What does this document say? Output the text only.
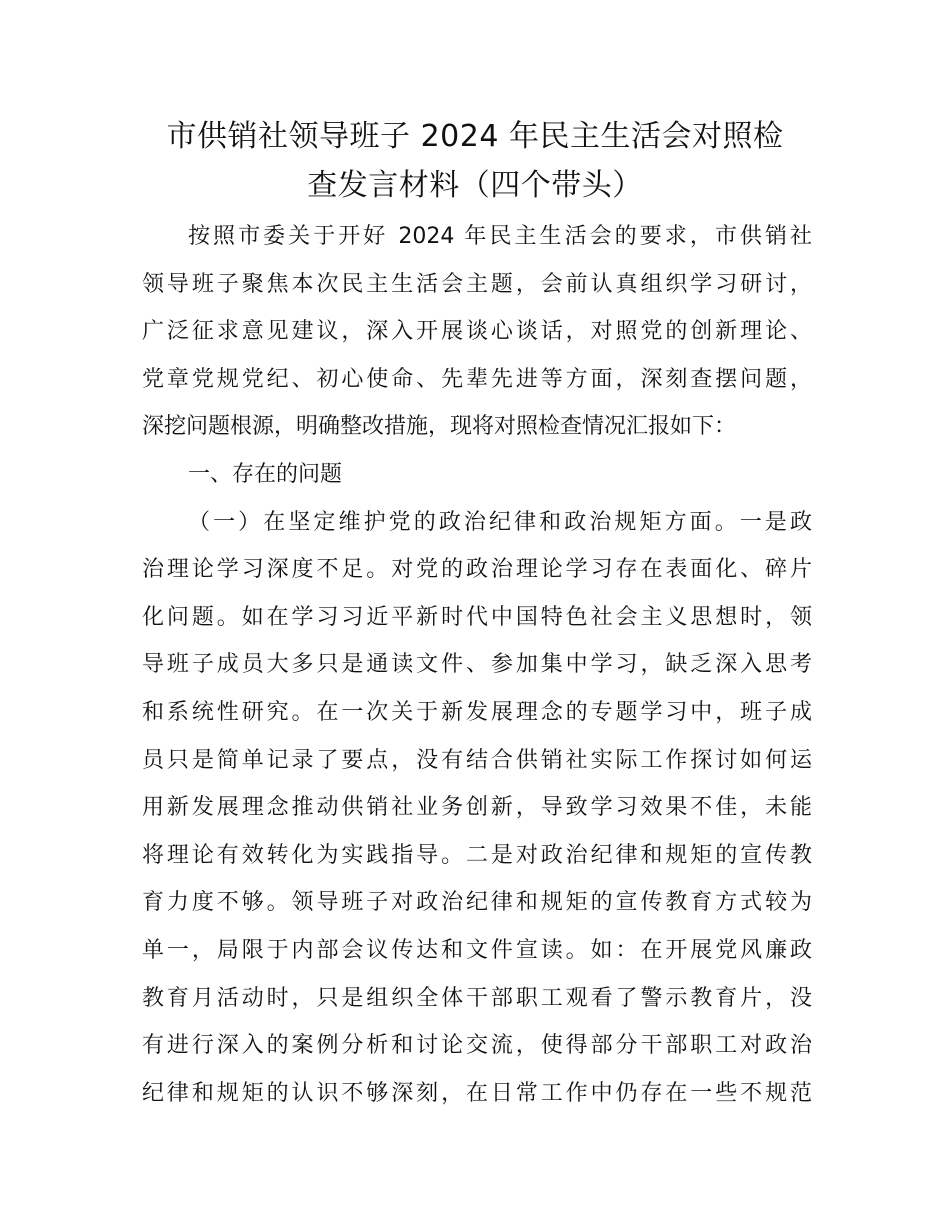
市供销社领导班子 2024 年民主生活会对照检
查发言材料（四个带头）
按照市委关于开好 2024 年民主生活会的要求，市供销社
领导班子聚焦本次民主生活会主题，会前认真组织学习研讨，
广泛征求意见建议，深入开展谈心谈话，对照党的创新理论、
党章党规党纪、初心使命、先辈先进等方面，深刻查摆问题，
深挖问题根源，明确整改措施，现将对照检查情况汇报如下：
一、存在的问题
（一）在坚定维护党的政治纪律和政治规矩方面。一是政
治理论学习深度不足。对党的政治理论学习存在表面化、碎片
化问题。如在学习习近平新时代中国特色社会主义思想时，领
导班子成员大多只是通读文件、参加集中学习，缺乏深入思考
和系统性研究。在一次关于新发展理念的专题学习中，班子成
员只是简单记录了要点，没有结合供销社实际工作探讨如何运
用新发展理念推动供销社业务创新，导致学习效果不佳，未能
将理论有效转化为实践指导。二是对政治纪律和规矩的宣传教
育力度不够。领导班子对政治纪律和规矩的宣传教育方式较为
单一，局限于内部会议传达和文件宣读。如：在开展党风廉政
教育月活动时，只是组织全体干部职工观看了警示教育片，没
有进行深入的案例分析和讨论交流，使得部分干部职工对政治
纪律和规矩的认识不够深刻，在日常工作中仍存在一些不规范
